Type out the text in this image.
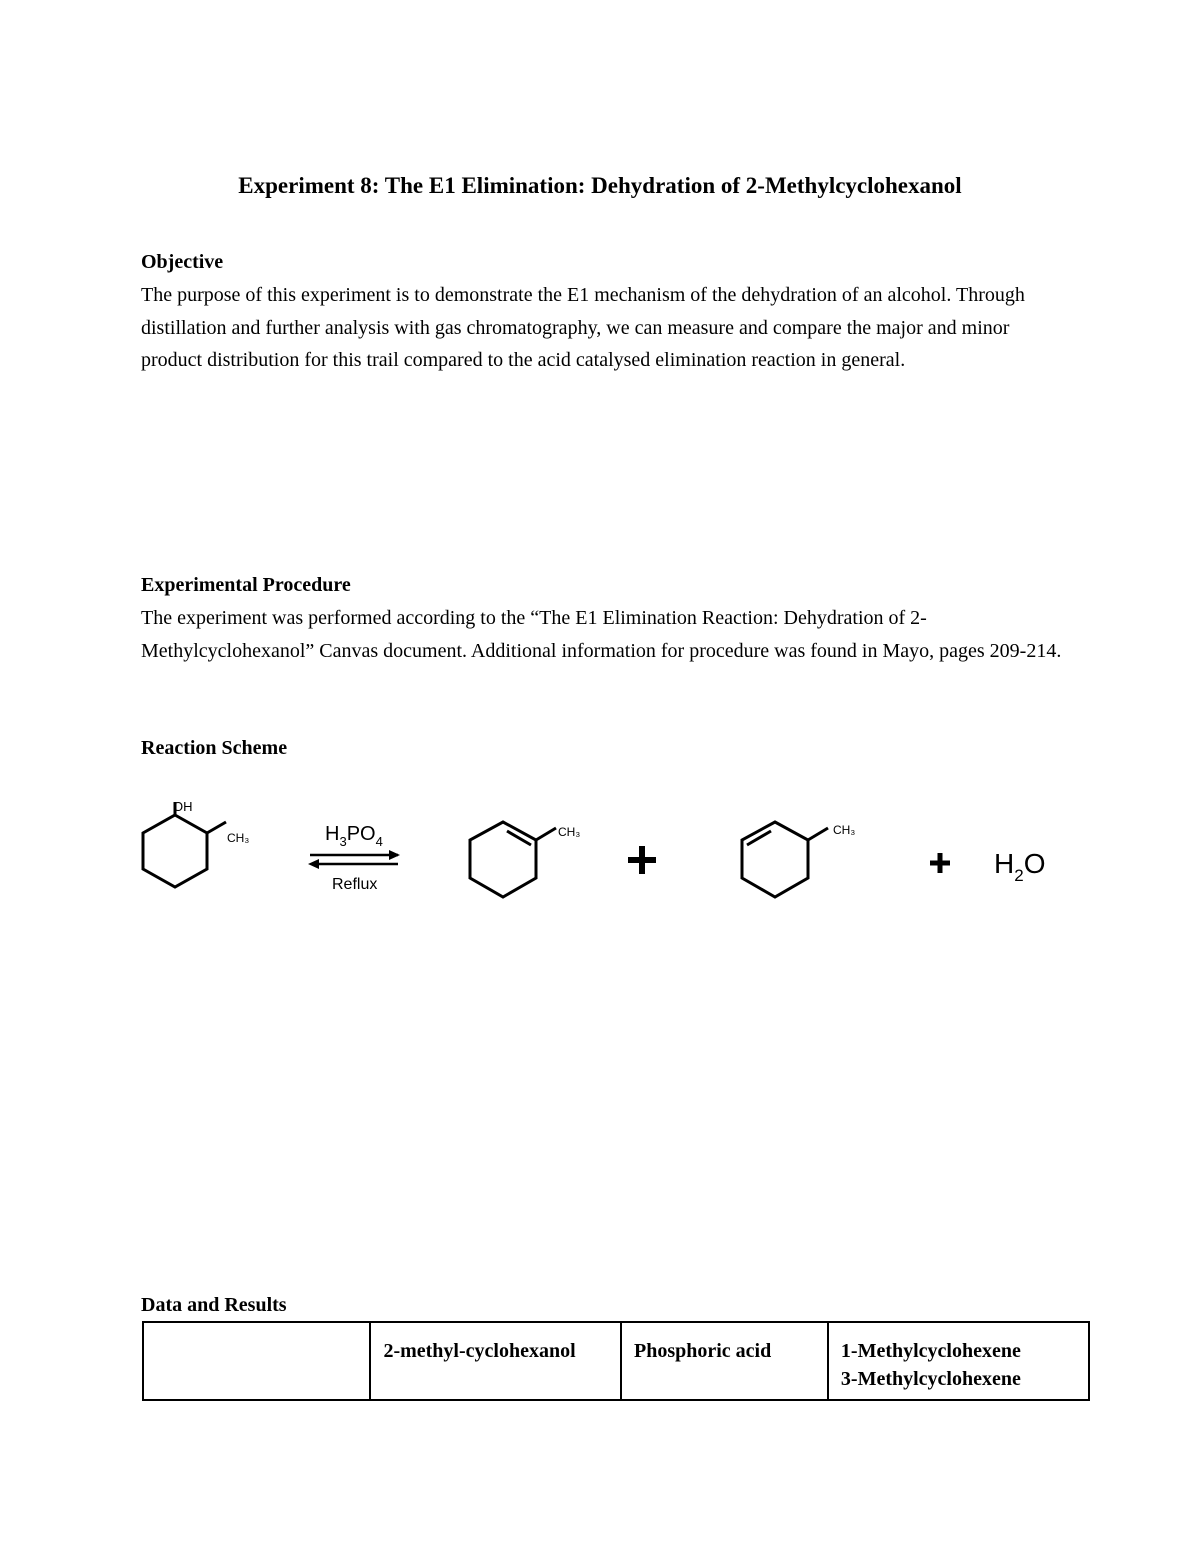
Experiment 8: The E1 Elimination: Dehydration of 2-Methylcyclohexanol

Objective

The purpose of this experiment is to demonstrate the E1 mechanism of the dehydration of an alcohol. Through distillation and further analysis with gas chromatography, we can measure and compare the major and minor product distribution for this trail compared to the acid catalysed elimination reaction in general.

Experimental Procedure

The experiment was performed according to the “The E1 Elimination Reaction: Dehydration of 2-Methylcyclohexanol” Canvas document. Additional information for procedure was found in Mayo, pages 209-214.

Reaction Scheme

OH
CH₃	$H_3PO_4$
Reflux
CH₃	CH₃
$H_2O$

Data and Results

	2-methyl-cyclohexanol	Phosphoric acid	1-Methylcyclohexene
3-Methylcyclohexene
